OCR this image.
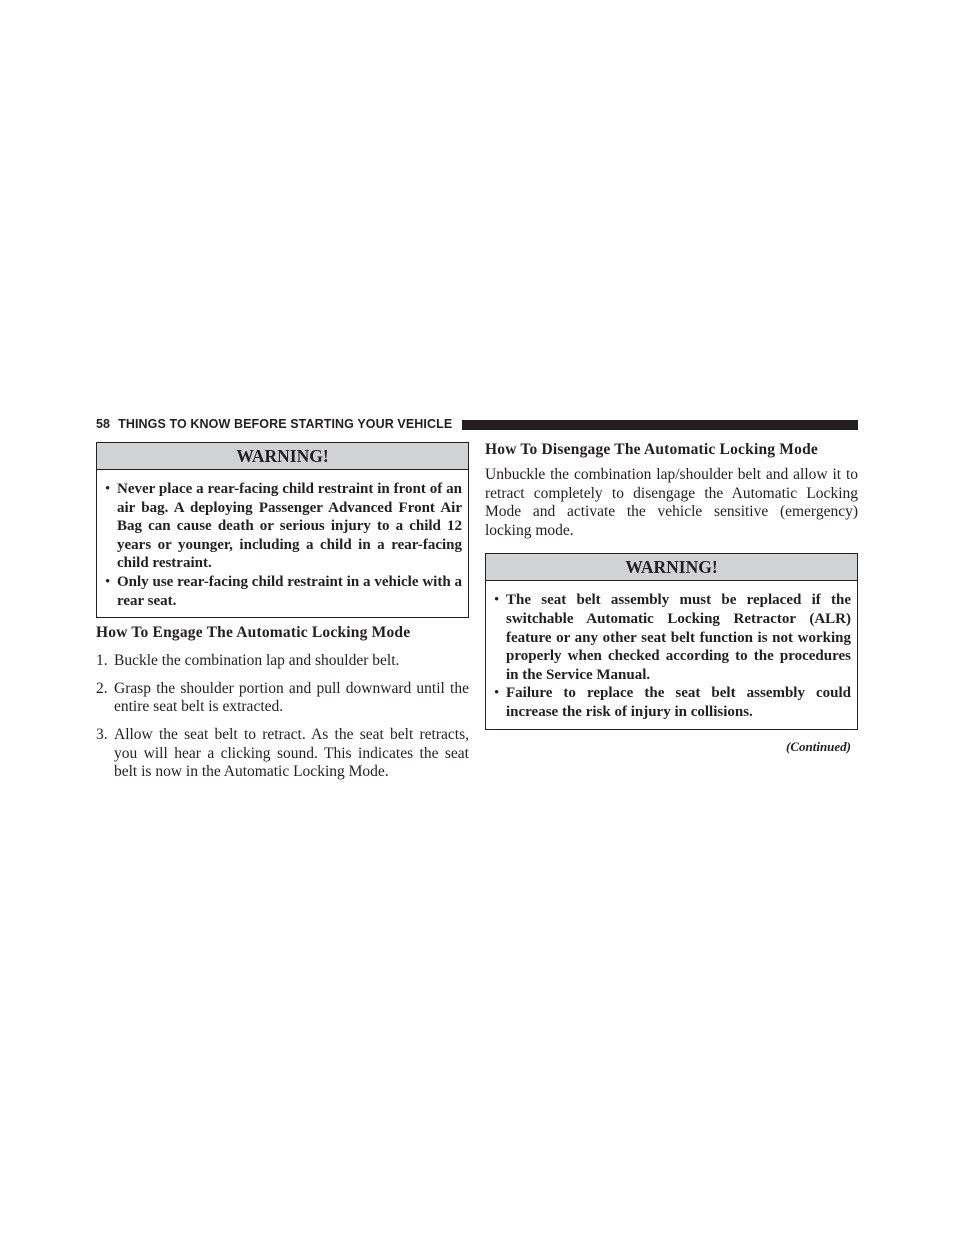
58 THINGS TO KNOW BEFORE STARTING YOUR VEHICLE
WARNING!
• Never place a rear-facing child restraint in front of an air bag. A deploying Passenger Advanced Front Air Bag can cause death or serious injury to a child 12 years or younger, including a child in a rear-facing child restraint.
• Only use rear-facing child restraint in a vehicle with a rear seat.
How To Engage The Automatic Locking Mode
1. Buckle the combination lap and shoulder belt.
2. Grasp the shoulder portion and pull downward until the entire seat belt is extracted.
3. Allow the seat belt to retract. As the seat belt retracts, you will hear a clicking sound. This indicates the seat belt is now in the Automatic Locking Mode.
How To Disengage The Automatic Locking Mode

Unbuckle the combination lap/shoulder belt and allow it to retract completely to disengage the Automatic Locking Mode and activate the vehicle sensitive (emergency) locking mode.

WARNING!
• The seat belt assembly must be replaced if the switchable Automatic Locking Retractor (ALR) feature or any other seat belt function is not working properly when checked according to the procedures in the Service Manual.
• Failure to replace the seat belt assembly could increase the risk of injury in collisions.
(Continued)
